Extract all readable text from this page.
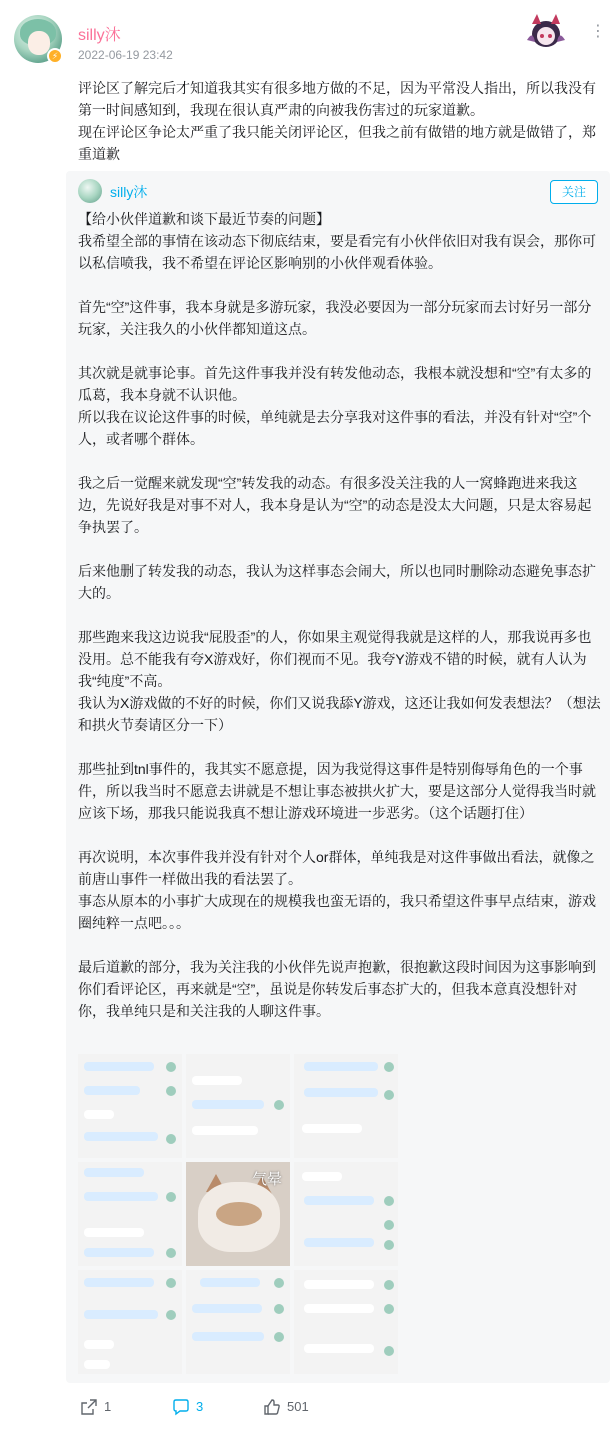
⚡
silly沐
2022-06-19 23:42
⋮

评论区了解完后才知道我其实有很多地方做的不足，因为平常没人指出，所以我没有第一时间感知到，我现在很认真严肃的向被我伤害过的玩家道歉。

现在评论区争论太严重了我只能关闭评论区，但我之前有做错的地方就是做错了，郑重道歉

silly沐	关注

【给小伙伴道歉和谈下最近节奏的问题】

我希望全部的事情在该动态下彻底结束，要是看完有小伙伴依旧对我有误会，那你可以私信喷我，我不希望在评论区影响别的小伙伴观看体验。

首先“空”这件事，我本身就是多游玩家，我没必要因为一部分玩家而去讨好另一部分玩家，关注我久的小伙伴都知道这点。

其次就是就事论事。首先这件事我并没有转发他动态，我根本就没想和“空”有太多的瓜葛，我本身就不认识他。

所以我在议论这件事的时候，单纯就是去分享我对这件事的看法，并没有针对“空”个人，或者哪个群体。

我之后一觉醒来就发现“空”转发我的动态。有很多没关注我的人一窝蜂跑进来我这边，先说好我是对事不对人，我本身是认为“空”的动态是没太大问题，只是太容易起争执罢了。

后来他删了转发我的动态，我认为这样事态会闹大，所以也同时删除动态避免事态扩大的。

那些跑来我这边说我“屁股歪”的人，你如果主观觉得我就是这样的人，那我说再多也没用。总不能我有夸X游戏好，你们视而不见。我夸Y游戏不错的时候，就有人认为我“纯度”不高。

我认为X游戏做的不好的时候，你们又说我舔Y游戏，这还让我如何发表想法？（想法和拱火节奏请区分一下）

那些扯到tnl事件的，我其实不愿意提，因为我觉得这事件是特别侮辱角色的一个事件，所以我当时不愿意去讲就是不想让事态被拱火扩大，要是这部分人觉得我当时就应该下场，那我只能说我真不想让游戏环境进一步恶劣。（这个话题打住）

再次说明，本次事件我并没有针对个人or群体，单纯我是对这件事做出看法，就像之前唐山事件一样做出我的看法罢了。

事态从原本的小事扩大成现在的规模我也蛮无语的，我只希望这件事早点结束，游戏圈纯粹一点吧。。。

最后道歉的部分，我为关注我的小伙伴先说声抱歉，很抱歉这段时间因为这事影响到你们看评论区，再来就是“空”，虽说是你转发后事态扩大的，但我本意真没想针对你，我单纯只是和关注我的人聊这件事。

气晕
1	3	501
